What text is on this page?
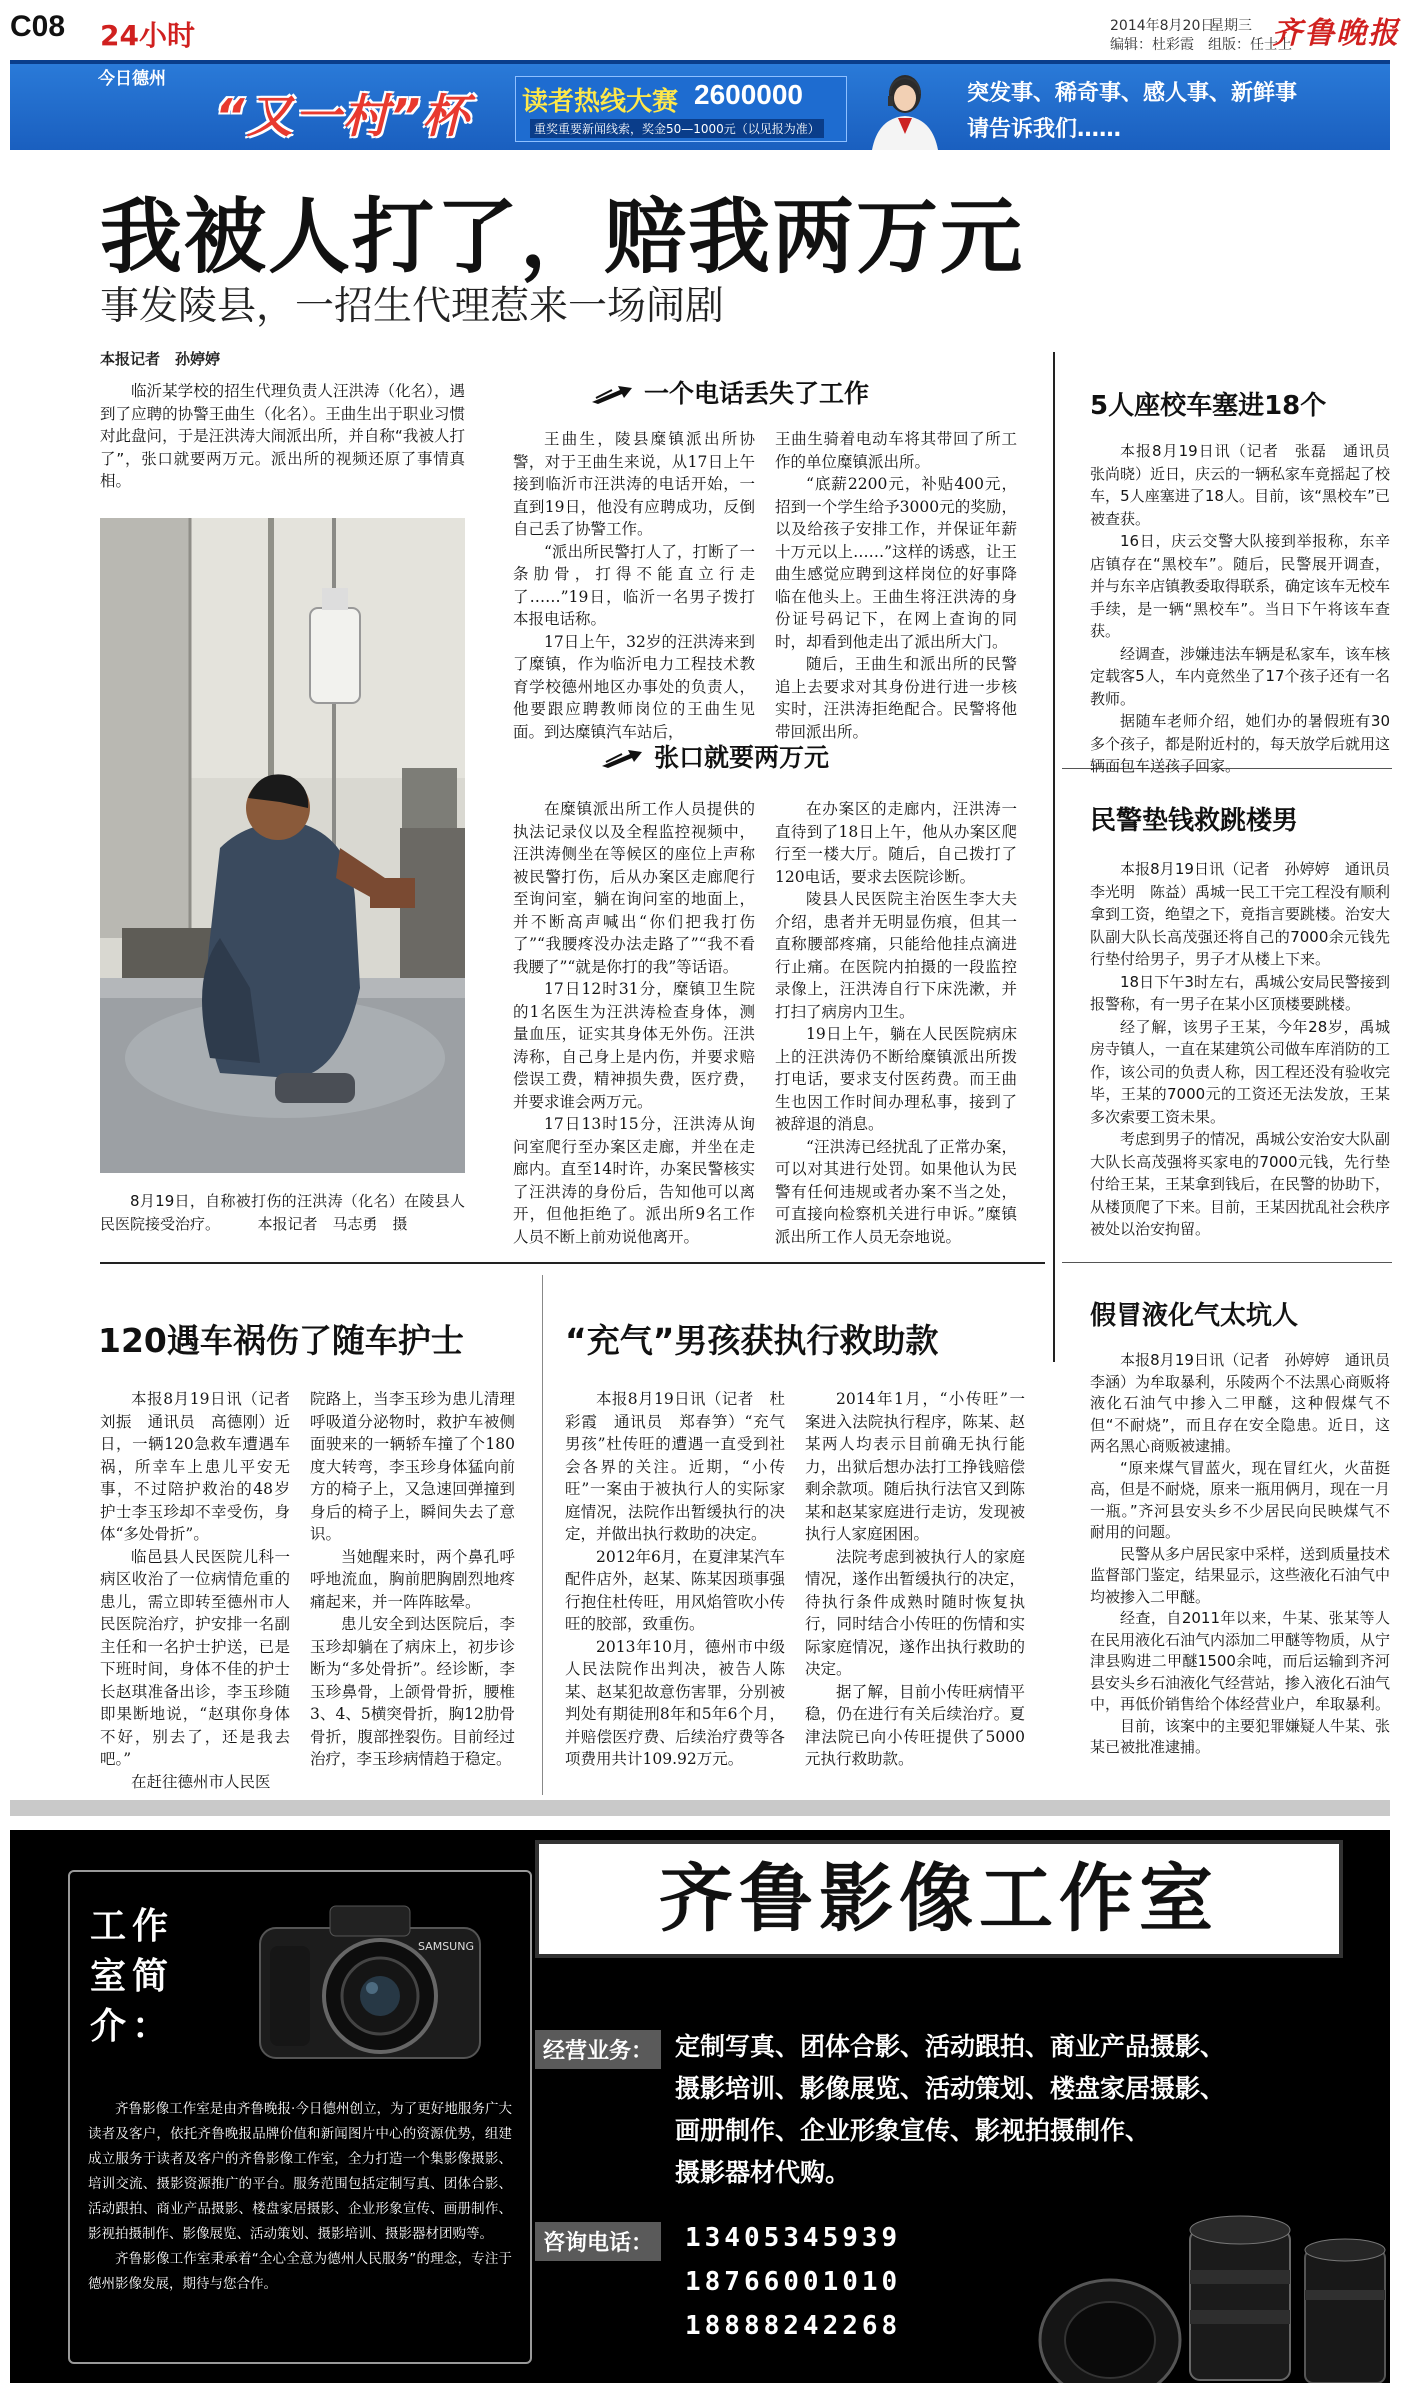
C08 24小时	2014年8月20日
星期三
编辑：杜彩霞　组版：任士上
齐鲁晚报
今日德州
“又一村”杯 读者热线大赛 2600000
重奖重要新闻线索，奖金50—1000元（以见报为准）
突发事、稀奇事、感人事、新鲜事
请告诉我们……
我被人打了，赔我两万元
事发陵县，一招生代理惹来一场闹剧
本报记者　孙婷婷

临沂某学校的招生代理负责人汪洪涛（化名），遇到了应聘的协警王曲生（化名）。王曲生出于职业习惯对此盘问，于是汪洪涛大闹派出所，并自称“我被人打了”，张口就要两万元。派出所的视频还原了事情真相。

8月19日，自称被打伤的汪洪涛（化名）在陵县人民医院接受治疗。　　　本报记者　马志勇　摄

一个电话丢失了工作

王曲生，陵县糜镇派出所协警，对于王曲生来说，从17日上午接到临沂市汪洪涛的电话开始，一直到19日，他没有应聘成功，反倒自己丢了协警工作。

“派出所民警打人了，打断了一条肋骨，打得不能直立行走了……”19日，临沂一名男子拨打本报电话称。

17日上午，32岁的汪洪涛来到了糜镇，作为临沂电力工程技术教育学校德州地区办事处的负责人，他要跟应聘教师岗位的王曲生见面。到达糜镇汽车站后，

王曲生骑着电动车将其带回了所工作的单位糜镇派出所。

“底薪2200元，补贴400元，招到一个学生给予3000元的奖励，以及给孩子安排工作，并保证年薪十万元以上……”这样的诱惑，让王曲生感觉应聘到这样岗位的好事降临在他头上。王曲生将汪洪涛的身份证号码记下，在网上查询的同时，却看到他走出了派出所大门。

随后，王曲生和派出所的民警追上去要求对其身份进行进一步核实时，汪洪涛拒绝配合。民警将他带回派出所。

张口就要两万元

在糜镇派出所工作人员提供的执法记录仪以及全程监控视频中，汪洪涛侧坐在等候区的座位上声称被民警打伤，后从办案区走廊爬行至询问室，躺在询问室的地面上，并不断高声喊出“你们把我打伤了”“我腰疼没办法走路了”“我不看我腰了”“就是你打的我”等话语。

17日12时31分，糜镇卫生院的1名医生为汪洪涛检查身体，测量血压，证实其身体无外伤。汪洪涛称，自己身上是内伤，并要求赔偿误工费，精神损失费，医疗费，并要求谁会两万元。

17日13时15分，汪洪涛从询问室爬行至办案区走廊，并坐在走廊内。直至14时许，办案民警核实了汪洪涛的身份后，告知他可以离开，但他拒绝了。派出所9名工作人员不断上前劝说他离开。

在办案区的走廊内，汪洪涛一直待到了18日上午，他从办案区爬行至一楼大厅。随后，自己拨打了120电话，要求去医院诊断。

陵县人民医院主治医生李大夫介绍，患者并无明显伤痕，但其一直称腰部疼痛，只能给他挂点滴进行止痛。在医院内拍摄的一段监控录像上，汪洪涛自行下床洗漱，并打扫了病房内卫生。

19日上午，躺在人民医院病床上的汪洪涛仍不断给糜镇派出所拨打电话，要求支付医药费。而王曲生也因工作时间办理私事，接到了被辞退的消息。

“汪洪涛已经扰乱了正常办案，可以对其进行处罚。如果他认为民警有任何违规或者办案不当之处，可直接向检察机关进行申诉。”糜镇派出所工作人员无奈地说。

5人座校车塞进18个

本报8月19日讯（记者　张磊　通讯员　张尚晓）近日，庆云的一辆私家车竟摇起了校车，5人座塞进了18人。目前，该“黑校车”已被查获。

16日，庆云交警大队接到举报称，东辛店镇存在“黑校车”。随后，民警展开调查，并与东辛店镇教委取得联系，确定该车无校车手续，是一辆“黑校车”。当日下午将该车查获。

经调查，涉嫌违法车辆是私家车，该车核定载客5人，车内竟然坐了17个孩子还有一名教师。

据随车老师介绍，她们办的暑假班有30多个孩子，都是附近村的，每天放学后就用这辆面包车送孩子回家。

民警垫钱救跳楼男

本报8月19日讯（记者　孙婷婷　通讯员　李光明　陈益）禹城一民工干完工程没有顺利拿到工资，绝望之下，竟指言要跳楼。治安大队副大队长高茂强还将自己的7000余元钱先行垫付给男子，男子才从楼上下来。

18日下午3时左右，禹城公安局民警接到报警称，有一男子在某小区顶楼要跳楼。

经了解，该男子王某，今年28岁，禹城房寺镇人，一直在某建筑公司做车库消防的工作，该公司的负责人称，因工程还没有验收完毕，王某的7000元的工资还无法发放，王某多次索要工资未果。

考虑到男子的情况，禹城公安治安大队副大队长高茂强将买家电的7000元钱，先行垫付给王某，王某拿到钱后，在民警的协助下，从楼顶爬了下来。目前，王某因扰乱社会秩序被处以治安拘留。

假冒液化气太坑人

本报8月19日讯（记者　孙婷婷　通讯员　李涵）为牟取暴利，乐陵两个不法黑心商贩将液化石油气中掺入二甲醚，这种假煤气不但“不耐烧”，而且存在安全隐患。近日，这两名黑心商贩被逮捕。

“原来煤气冒蓝火，现在冒红火，火苗挺高，但是不耐烧，原来一瓶用俩月，现在一月一瓶。”齐河县安头乡不少居民向民映煤气不耐用的问题。

民警从多户居民家中采样，送到质量技术监督部门鉴定，结果显示，这些液化石油气中均被掺入二甲醚。

经查，自2011年以来，牛某、张某等人在民用液化石油气内添加二甲醚等物质，从宁津县购进二甲醚1500余吨，而后运输到齐河县安头乡石油液化气经营站，掺入液化石油气中，再低价销售给个体经营业户，牟取暴利。

目前，该案中的主要犯罪嫌疑人牛某、张某已被批准逮捕。

120遇车祸伤了随车护士

本报8月19日讯（记者　刘振　通讯员　高德刚）近日，一辆120急救车遭遇车祸，所幸车上患儿平安无事，不过陪护救治的48岁护士李玉珍却不幸受伤，身体“多处骨折”。

临邑县人民医院儿科一病区收治了一位病情危重的患儿，需立即转至德州市人民医院治疗，护安排一名副主任和一名护士护送，已是下班时间，身体不佳的护士长赵琪准备出诊，李玉珍随即果断地说，“赵琪你身体不好，别去了，还是我去吧。”

在赶往德州市人民医

院路上，当李玉珍为患儿清理呼吸道分泌物时，救护车被侧面驶来的一辆轿车撞了个180度大转弯，李玉珍身体猛向前方的椅子上，又急速回弹撞到身后的椅子上，瞬间失去了意识。

当她醒来时，两个鼻孔呼呼地流血，胸前肥胸剧烈地疼痛起来，并一阵阵眩晕。

患儿安全到达医院后，李玉珍却躺在了病床上，初步诊断为“多处骨折”。经诊断，李玉珍鼻骨，上颌骨骨折，腰椎3、4、5横突骨折，胸12肋骨骨折，腹部挫裂伤。目前经过治疗，李玉珍病情趋于稳定。

“充气”男孩获执行救助款

本报8月19日讯（记者　杜彩霞　通讯员　郑春笋）“充气男孩”杜传旺的遭遇一直受到社会各界的关注。近期，“小传旺”一案由于被执行人的实际家庭情况，法院作出暂缓执行的决定，并做出执行救助的决定。

2012年6月，在夏津某汽车配件店外，赵某、陈某因琐事强行抱住杜传旺，用风焰管吹小传旺的胶部，致重伤。

2013年10月，德州市中级人民法院作出判决，被告人陈某、赵某犯故意伤害罪，分别被判处有期徒刑8年和5年6个月，并赔偿医疗费、后续治疗费等各项费用共计109.92万元。

2014年1月，“小传旺”一案进入法院执行程序，陈某、赵某两人均表示目前确无执行能力，出狱后想办法打工挣钱赔偿剩余款项。随后执行法官又到陈某和赵某家庭进行走访，发现被执行人家庭困困。

法院考虑到被执行人的家庭情况，遂作出暂缓执行的决定，待执行条件成熟时随时恢复执行，同时结合小传旺的伤情和实际家庭情况，遂作出执行救助的决定。

据了解，目前小传旺病情平稳，仍在进行有关后续治疗。夏津法院已向小传旺提供了5000元执行救助款。

工作室简介：
SAMSUNG

齐鲁影像工作室是由齐鲁晚报·今日德州创立，为了更好地服务广大读者及客户，依托齐鲁晚报品牌价值和新闻图片中心的资源优势，组建成立服务于读者及客户的齐鲁影像工作室，全力打造一个集影像摄影、培训交流、摄影资源推广的平台。服务范围包括定制写真、团体合影、活动跟拍、商业产品摄影、楼盘家居摄影、企业形象宣传、画册制作、影视拍摄制作、影像展览、活动策划、摄影培训、摄影器材团购等。

齐鲁影像工作室秉承着“全心全意为德州人民服务”的理念，专注于德州影像发展，期待与您合作。

齐鲁影像工作室
经营业务： 定制写真、团体合影、活动跟拍、商业产品摄影、
摄影培训、影像展览、活动策划、楼盘家居摄影、
画册制作、企业形象宣传、影视拍摄制作、
摄影器材代购。
咨询电话：	13405345939
18766001010
18888242268
